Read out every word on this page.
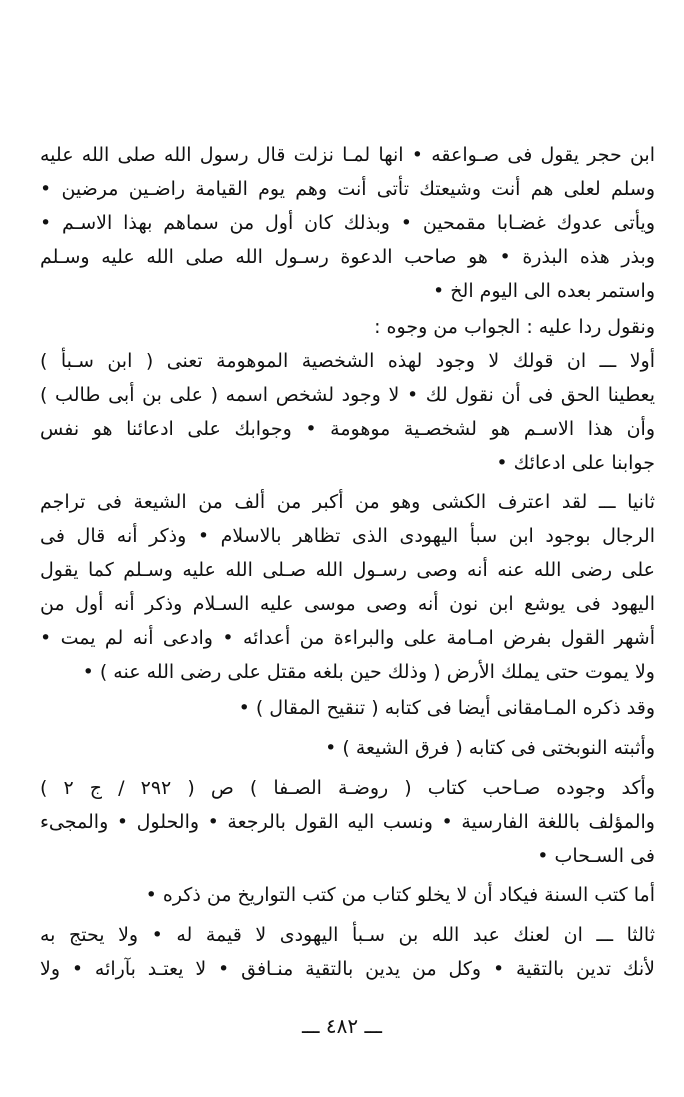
ابن حجر يقول فى صـواعقه • انها لمـا نزلت قال رسول الله صلى الله عليه
وسلم لعلى هم أنت وشيعتك تأتى أنت وهم يوم القيامة راضـين مرضين •
ويأتى عدوك غضـابا مقمحين • وبذلك كان أول من سماهم بهذا الاسـم •
وبذر هذه البذرة • هو صاحب الدعوة رسـول الله صلى الله عليه وسـلم
واستمر بعده الى اليوم الخ •
ونقول ردا عليه : الجواب من وجوه :
أولا ـــ ان قولك لا وجود لهذه الشخصية الموهومة تعنى ( ابن سـبأ )
يعطينا الحق فى أن نقول لك • لا وجود لشخص اسمه ( على بن أبى طالب )
وأن هذا الاسـم هو لشخصـية موهومة • وجوابك على ادعائنا هو نفس
جوابنا على ادعائك •
ثانيا ـــ لقد اعترف الكشى وهو من أكبر من ألف من الشيعة فى تراجم
الرجال بوجود ابن سبأ اليهودى الذى تظاهر بالاسلام • وذكر أنه قال فى
على رضى الله عنه أنه وصى رسـول الله صـلى الله عليه وسـلم كما يقول
اليهود فى يوشع ابن نون أنه وصى موسى عليه السـلام وذكر أنه أول من
أشهر القول بفرض امـامة على والبراءة من أعدائه • وادعى أنه لم يمت •
ولا يموت حتى يملك الأرض ( وذلك حين بلغه مقتل على رضى الله عنه ) •
وقد ذكره المـامقانى أيضا فى كتابه ( تنقيح المقال ) •
وأثبته النوبختى فى كتابه ( فرق الشيعة ) •
وأكد وجوده صـاحب كتاب ( روضـة الصـفا ) ص ( ٢٩٢ / ج ٢ )
والمؤلف باللغة الفارسية • ونسب اليه القول بالرجعة • والحلول • والمجىء
فى السـحاب •
أما كتب السنة فيكاد أن لا يخلو كتاب من كتب التواريخ من ذكره •
ثالثا ـــ ان لعنك عبد الله بن سـبأ اليهودى لا قيمة له • ولا يحتج به
لأنك تدين بالتقية • وكل من يدين بالتقية منـافق • لا يعتـد بآرائه • ولا
ـــ ٤٨٢ ـــ
